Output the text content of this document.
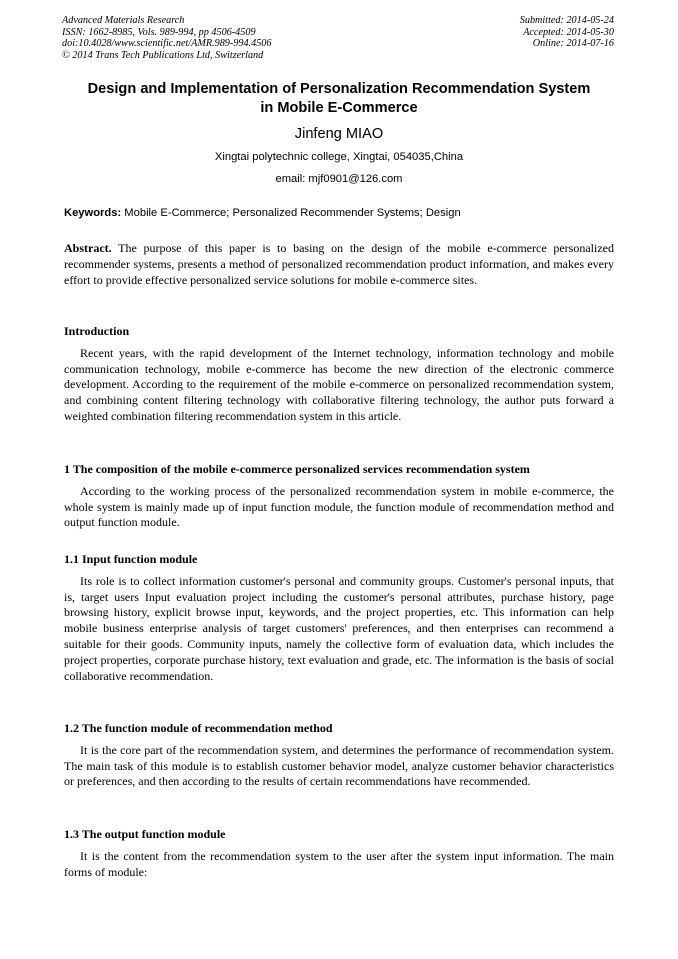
Advanced Materials Research
ISSN: 1662-8985, Vols. 989-994, pp 4506-4509
doi:10.4028/www.scientific.net/AMR.989-994.4506
© 2014 Trans Tech Publications Ltd, Switzerland
Submitted: 2014-05-24
Accepted: 2014-05-30
Online: 2014-07-16
Design and Implementation of Personalization Recommendation System
in Mobile E-Commerce
Jinfeng MIAO
Xingtai polytechnic college, Xingtai, 054035,China
email: mjf0901@126.com
Keywords: Mobile E-Commerce; Personalized Recommender Systems; Design

Abstract. The purpose of this paper is to basing on the design of the mobile e-commerce personalized recommender systems, presents a method of personalized recommendation product information, and makes every effort to provide effective personalized service solutions for mobile e-commerce sites.

Introduction

Recent years, with the rapid development of the Internet technology, information technology and mobile communication technology, mobile e-commerce has become the new direction of the electronic commerce development. According to the requirement of the mobile e-commerce on personalized recommendation system, and combining content filtering technology with collaborative filtering technology, the author puts forward a weighted combination filtering recommendation system in this article.

1 The composition of the mobile e-commerce personalized services recommendation system

According to the working process of the personalized recommendation system in mobile e-commerce, the whole system is mainly made up of input function module, the function module of recommendation method and output function module.

1.1 Input function module

Its role is to collect information customer's personal and community groups. Customer's personal inputs, that is, target users Input evaluation project including the customer's personal attributes, purchase history, page browsing history, explicit browse input, keywords, and the project properties, etc. This information can help mobile business enterprise analysis of target customers' preferences, and then enterprises can recommend a suitable for their goods. Community inputs, namely the collective form of evaluation data, which includes the project properties, corporate purchase history, text evaluation and grade, etc. The information is the basis of social collaborative recommendation.

1.2 The function module of recommendation method

It is the core part of the recommendation system, and determines the performance of recommendation system. The main task of this module is to establish customer behavior model, analyze customer behavior characteristics or preferences, and then according to the results of certain recommendations have recommended.

1.3 The output function module

It is the content from the recommendation system to the user after the system input information. The main forms of module:
